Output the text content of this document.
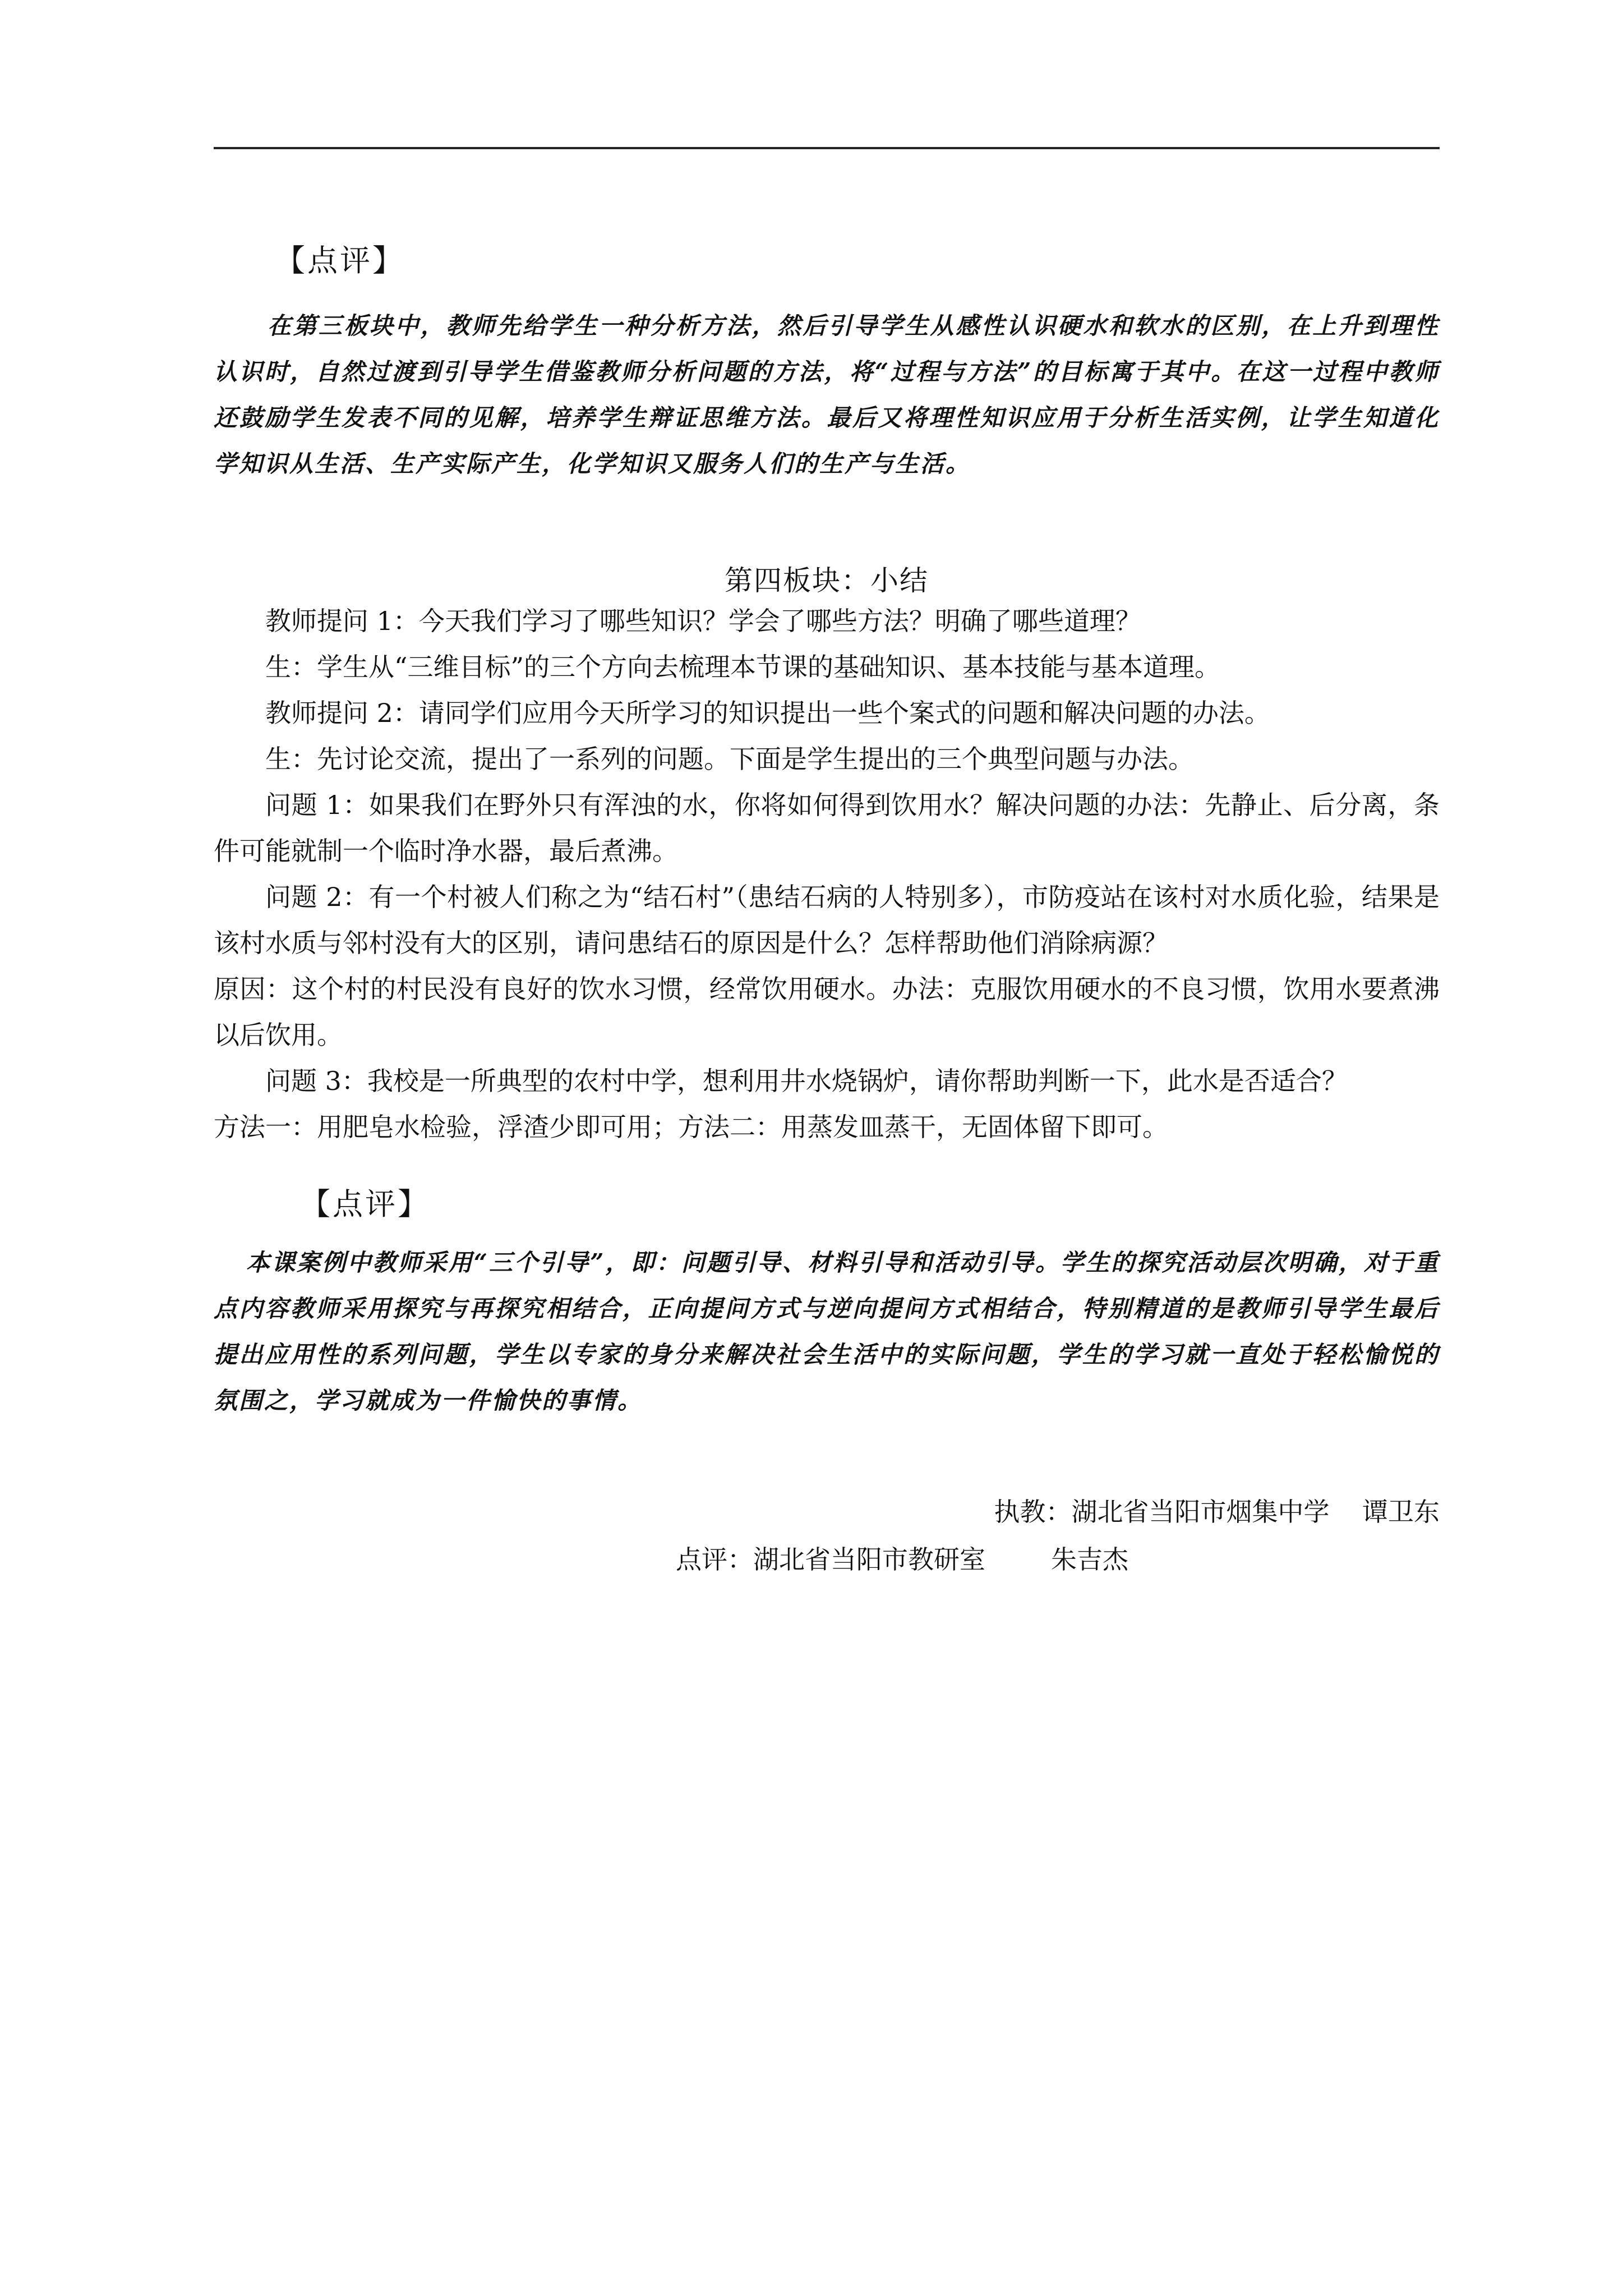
【点评】
在第三板块中，教师先给学生一种分析方法，然后引导学生从感性认识硬水和软水的区别，在上升到理性认识时，自然过渡到引导学生借鉴教师分析问题的方法，将“过程与方法”的目标寓于其中。在这一过程中教师还鼓励学生发表不同的见解，培养学生辩证思维方法。最后又将理性知识应用于分析生活实例，让学生知道化学知识从生活、生产实际产生，化学知识又服务人们的生产与生活。
第四板块：小结

教师提问 1：今天我们学习了哪些知识？学会了哪些方法？明确了哪些道理？

生：学生从“三维目标”的三个方向去梳理本节课的基础知识、基本技能与基本道理。

教师提问 2：请同学们应用今天所学习的知识提出一些个案式的问题和解决问题的办法。

生：先讨论交流，提出了一系列的问题。下面是学生提出的三个典型问题与办法。

问题 1：如果我们在野外只有浑浊的水，你将如何得到饮用水？解决问题的办法：先静止、后分离，条件可能就制一个临时净水器，最后煮沸。

问题 2：有一个村被人们称之为“结石村”（患结石病的人特别多），市防疫站在该村对水质化验，结果是该村水质与邻村没有大的区别，请问患结石的原因是什么？怎样帮助他们消除病源？

原因：这个村的村民没有良好的饮水习惯，经常饮用硬水。办法：克服饮用硬水的不良习惯，饮用水要煮沸以后饮用。

问题 3：我校是一所典型的农村中学，想利用井水烧锅炉，请你帮助判断一下，此水是否适合？

方法一：用肥皂水检验，浮渣少即可用；方法二：用蒸发皿蒸干，无固体留下即可。

【点评】
本课案例中教师采用“三个引导”，即：问题引导、材料引导和活动引导。学生的探究活动层次明确，对于重点内容教师采用探究与再探究相结合，正向提问方式与逆向提问方式相结合，特别精道的是教师引导学生最后提出应用性的系列问题，学生以专家的身分来解决社会生活中的实际问题，学生的学习就一直处于轻松愉悦的氛围之，学习就成为一件愉快的事情。
执教：湖北省当阳市烟集中学    谭卫东
点评：湖北省当阳市教研室        朱吉杰
